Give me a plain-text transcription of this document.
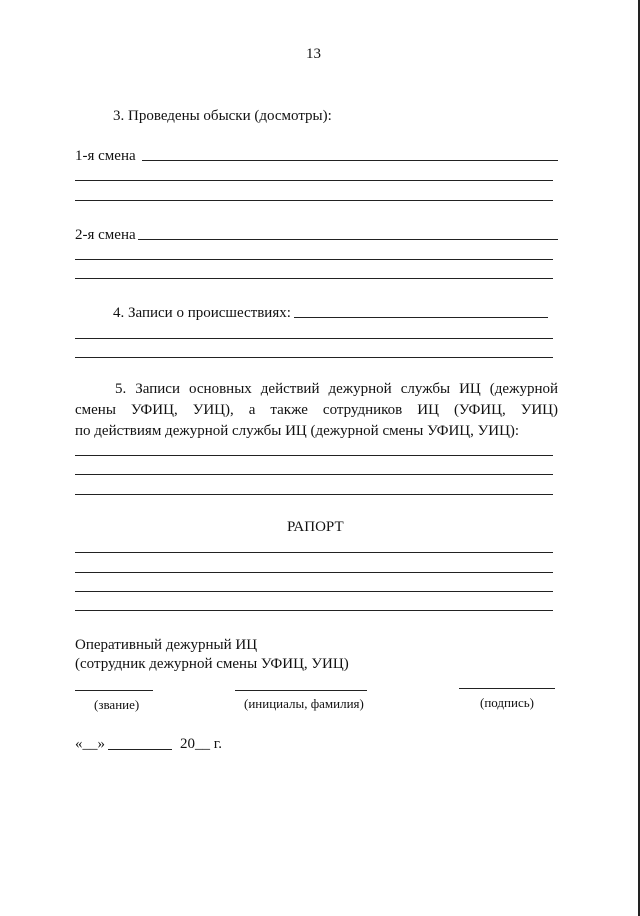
13
3. Проведены обыски (досмотры):
1-я смена
2-я смена
4. Записи о происшествиях:
5. Записи основных действий дежурной службы ИЦ (дежурной
смены УФИЦ, УИЦ), а также сотрудников ИЦ (УФИЦ, УИЦ)
по действиям дежурной службы ИЦ (дежурной смены УФИЦ, УИЦ):
РАПОРТ
Оперативный дежурный ИЦ
(сотрудник дежурной смены УФИЦ, УИЦ)
(звание)	(инициалы, фамилия)	(подпись)
«__»	20__ г.
